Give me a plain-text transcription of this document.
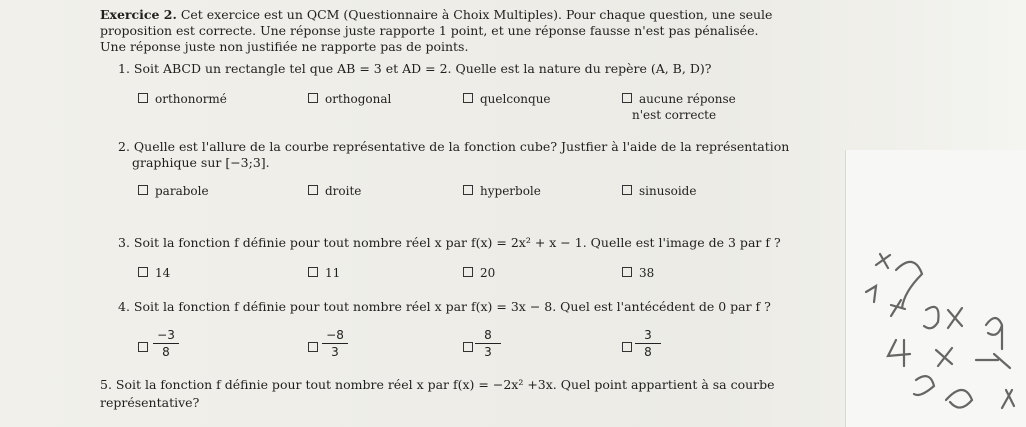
Exercice 2. Cet exercice est un QCM (Questionnaire à Choix Multiples). Pour chaque question, une seule
proposition est correcte. Une réponse juste rapporte 1 point, et une réponse fausse n'est pas pénalisée.
Une réponse juste non justifiée ne rapporte pas de points.
1. Soit ABCD un rectangle tel que AB = 3 et AD = 2. Quelle est la nature du repère (A, B, D)?
orthonormé	orthogonal	quelconque	aucune réponse
n'est correcte
2. Quelle est l'allure de la courbe représentative de la fonction cube? Justfier à l'aide de la représentation
graphique sur [−3;3].
parabole	droite	hyperbole	sinusoide
3. Soit la fonction f définie pour tout nombre réel x par f(x) = 2x² + x − 1. Quelle est l'image de 3 par f ?
14	11	20	38
4. Soit la fonction f définie pour tout nombre réel x par f(x) = 3x − 8. Quel est l'antécédent de 0 par f ?
$\frac{-3}{8}$	$\frac{-8}{3}$	$\frac{8}{3}$	$\frac{3}{8}$
5. Soit la fonction f définie pour tout nombre réel x par f(x) = −2x² +3x. Quel point appartient à sa courbe
représentative?
